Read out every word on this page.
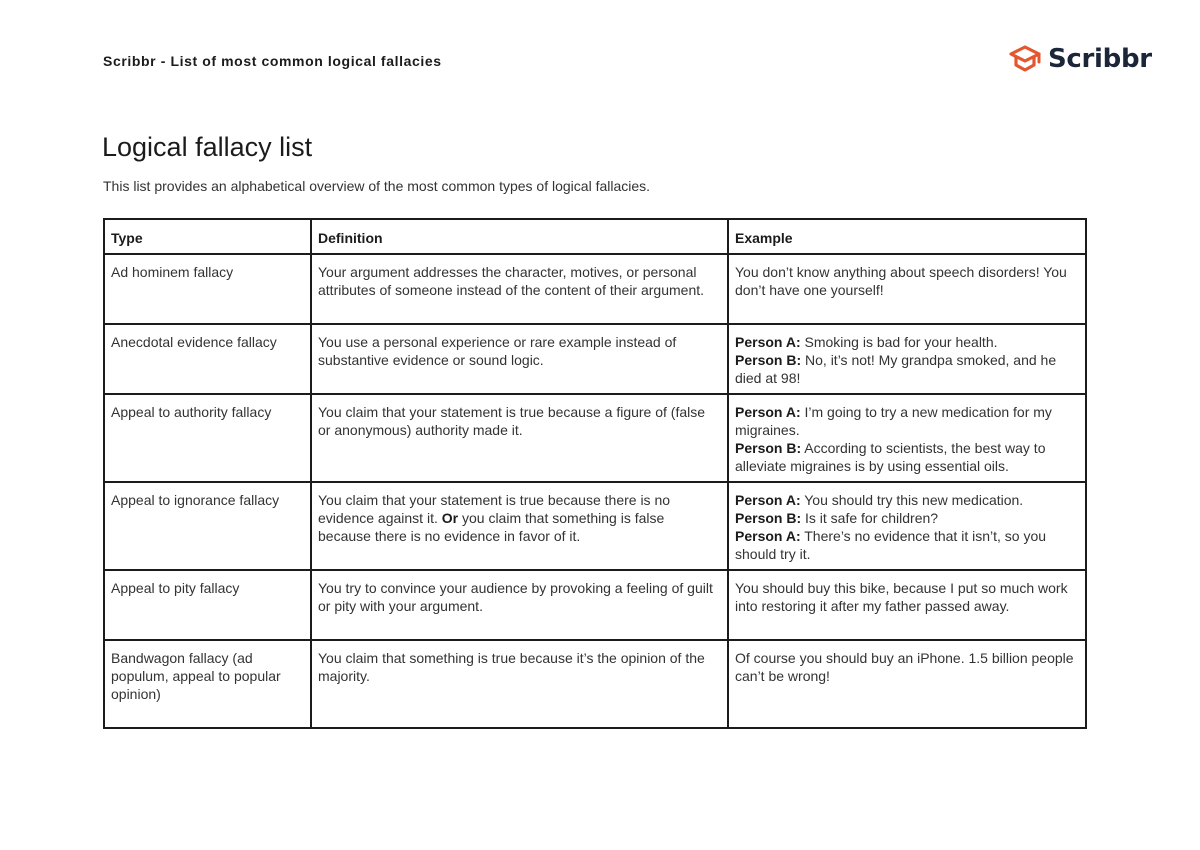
Scribbr - List of most common logical fallacies	Scribbr
Logical fallacy list
This list provides an alphabetical overview of the most common types of logical fallacies.
Type	Definition	Example
Ad hominem fallacy	Your argument addresses the character, motives, or personal attributes of someone instead of the content of their argument.	You don’t know anything about speech disorders! You don’t have one yourself!
Anecdotal evidence fallacy	You use a personal experience or rare example instead of substantive evidence or sound logic.	Person A: Smoking is bad for your health.
Person B: No, it’s not! My grandpa smoked, and he died at 98!

Appeal to authority fallacy	You claim that your statement is true because a figure of (false or anonymous) authority made it.	Person A: I’m going to try a new medication for my migraines.
Person B: According to scientists, the best way to alleviate migraines is by using essential oils.

Appeal to ignorance fallacy	You claim that your statement is true because there is no evidence against it. Or you claim that something is false because there is no evidence in favor of it.	Person A: You should try this new medication.
Person B: Is it safe for children?
Person A: There’s no evidence that it isn’t, so you should try it.

Appeal to pity fallacy	You try to convince your audience by provoking a feeling of guilt or pity with your argument.	You should buy this bike, because I put so much work into restoring it after my father passed away.
Bandwagon fallacy (ad populum, appeal to popular opinion)	You claim that something is true because it’s the opinion of the majority.	Of course you should buy an iPhone. 1.5 billion people can’t be wrong!
